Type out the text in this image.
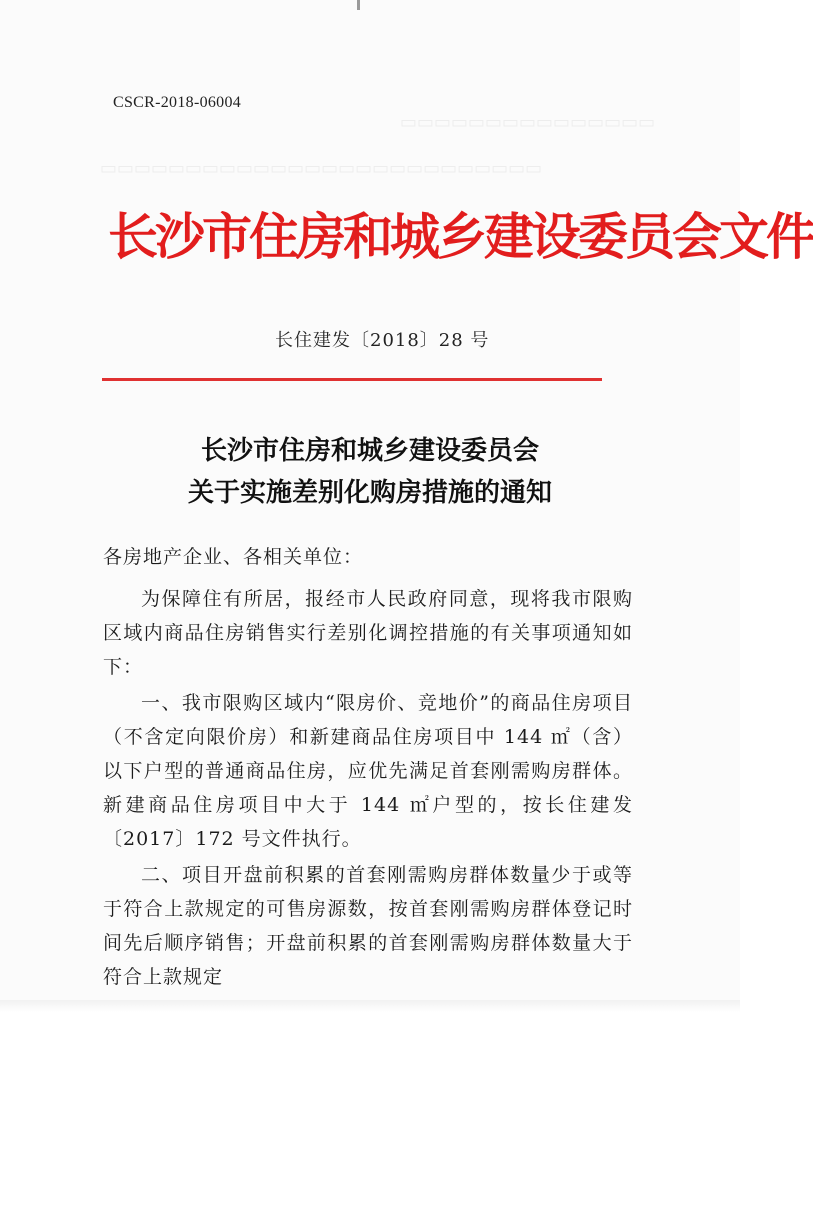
▭▭▭▭▭▭▭▭▭▭▭▭▭▭▭
▭▭▭▭▭▭▭▭▭▭▭▭▭▭▭▭▭▭▭▭▭▭▭▭▭▭
CSCR-2018-06004
长沙市住房和城乡建设委员会文件
长住建发〔2018〕28 号
长沙市住房和城乡建设委员会
关于实施差别化购房措施的通知

各房地产企业、各相关单位：

为保障住有所居，报经市人民政府同意，现将我市限购区域内商品住房销售实行差别化调控措施的有关事项通知如下：

一、我市限购区域内“限房价、竞地价”的商品住房项目（不含定向限价房）和新建商品住房项目中 144 ㎡（含）以下户型的普通商品住房，应优先满足首套刚需购房群体。新建商品住房项目中大于 144 ㎡户型的，按长住建发〔2017〕172 号文件执行。

二、项目开盘前积累的首套刚需购房群体数量少于或等于符合上款规定的可售房源数，按首套刚需购房群体登记时间先后顺序销售；开盘前积累的首套刚需购房群体数量大于符合上款规定
